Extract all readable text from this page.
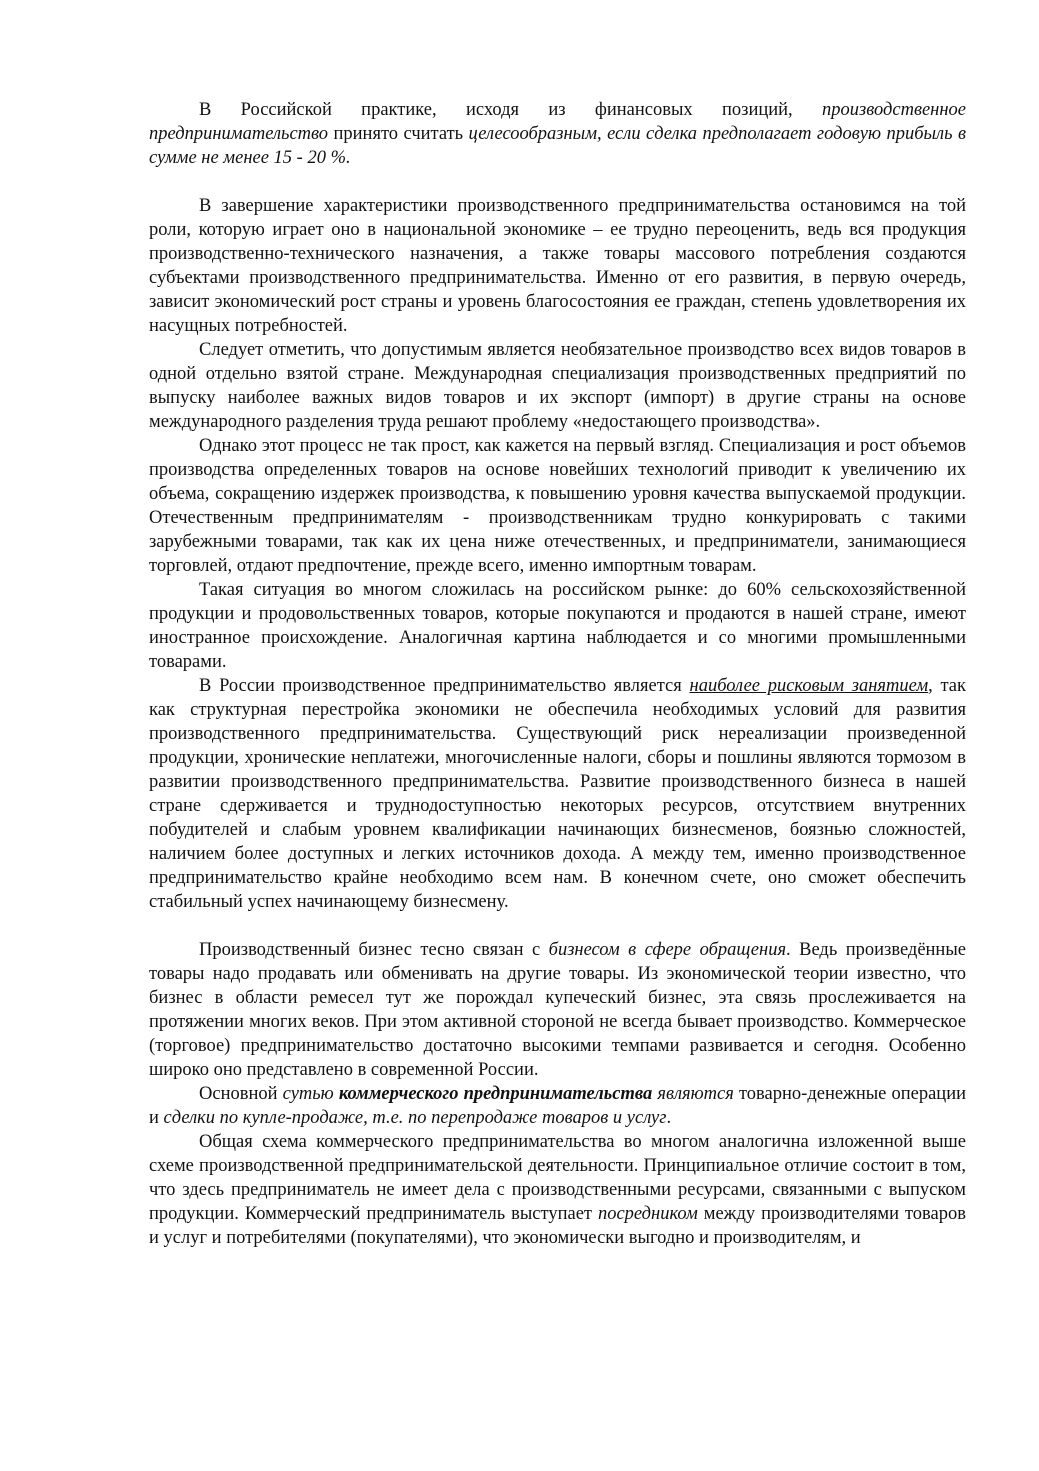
В Российской практике, исходя из финансовых позиций, производственное предпринимательство принято считать целесообразным, если сделка предполагает годовую прибыль в сумме не менее 15 - 20 %.

В завершение характеристики производственного предпринимательства остановимся на той роли, которую играет оно в национальной экономике – ее трудно переоценить, ведь вся продукция производственно-технического назначения, а также товары массового потребления создаются субъектами производственного предпринимательства. Именно от его развития, в первую очередь, зависит экономический рост страны и уровень благосостояния ее граждан, степень удовлетворения их насущных потребностей.

Следует отметить, что допустимым является необязательное производство всех видов товаров в одной отдельно взятой стране. Международная специализация производственных предприятий по выпуску наиболее важных видов товаров и их экспорт (импорт) в другие страны на основе международного разделения труда решают проблему «недостающего производства».

Однако этот процесс не так прост, как кажется на первый взгляд. Специализация и рост объемов производства определенных товаров на основе новейших технологий приводит к увеличению их объема, сокращению издержек производства, к повышению уровня качества выпускаемой продукции. Отечественным предпринимателям - производственникам трудно конкурировать с такими зарубежными товарами, так как их цена ниже отечественных, и предприниматели, занимающиеся торговлей, отдают предпочтение, прежде всего, именно импортным товарам.

Такая ситуация во многом сложилась на российском рынке: до 60% сельскохозяйственной продукции и продовольственных товаров, которые покупаются и продаются в нашей стране, имеют иностранное происхождение. Аналогичная картина наблюдается и со многими промышленными товарами.

В России производственное предпринимательство является наиболее рисковым занятием, так как структурная перестройка экономики не обеспечила необходимых условий для развития производственного предпринимательства. Существующий риск нереализации произведенной продукции, хронические неплатежи, многочисленные налоги, сборы и пошлины являются тормозом в развитии производственного предпринимательства. Развитие производственного бизнеса в нашей стране сдерживается и труднодоступностью некоторых ресурсов, отсутствием внутренних побудителей и слабым уровнем квалификации начинающих бизнесменов, боязнью сложностей, наличием более доступных и легких источников дохода. А между тем, именно производственное предпринимательство крайне необходимо всем нам. В конечном счете, оно сможет обеспечить стабильный успех начинающему бизнесмену.

Производственный бизнес тесно связан с бизнесом в сфере обращения. Ведь произведённые товары надо продавать или обменивать на другие товары. Из экономической теории известно, что бизнес в области ремесел тут же порождал купеческий бизнес, эта связь прослеживается на протяжении многих веков. При этом активной стороной не всегда бывает производство. Коммерческое (торговое) предпринимательство достаточно высокими темпами развивается и сегодня. Особенно широко оно представлено в современной России.

Основной сутью коммерческого предпринимательства являются товарно-денежные операции и сделки по купле-продаже, т.е. по перепродаже товаров и услуг.

Общая схема коммерческого предпринимательства во многом аналогична изложенной выше схеме производственной предпринимательской деятельности. Принципиальное отличие состоит в том, что здесь предприниматель не имеет дела с производственными ресурсами, связанными с выпуском продукции. Коммерческий предприниматель выступает посредником между производителями товаров и услуг и потребителями (покупателями), что экономически выгодно и производителям, и
